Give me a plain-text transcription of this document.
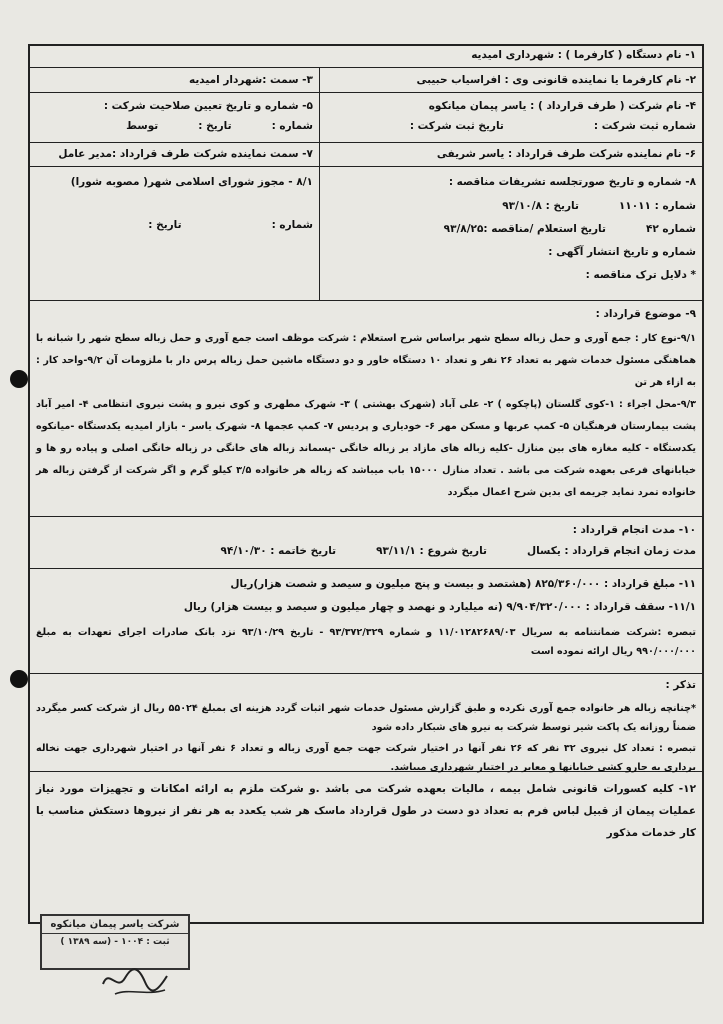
۱- نام دستگاه ( کارفرما ) : شهرداری امیدیه
۲- نام کارفرما یا نماینده قانونی وی : افراسیاب حبیبی
۳- سمت :شهردار امیدیه
۴- نام شرکت ( طرف قرارداد ) : یاسر پیمان میانکوه
شماره ثبت شرکت :تاریخ ثبت شرکت :
۵- شماره و تاریخ تعیین صلاحیت شرکت :
شماره :تاریخ :توسط
۶- نام نماینده شرکت طرف قرارداد : یاسر شریفی
۷- سمت نماینده شرکت طرف قرارداد :مدیر عامل
۸- شماره و تاریخ صورتجلسه تشریفات مناقصه :
شماره : ۱۱۰۱۱تاریخ : ۹۳/۱۰/۸
شماره ۴۲تاریخ استعلام /مناقصه :۹۳/۸/۲۵
شماره و تاریخ انتشار آگهی :
* دلایل ترک مناقصه :
۸/۱ - مجوز شورای اسلامی شهر( مصوبه شورا)
شماره :تاریخ :
۹- موضوع قرارداد :
۹/۱-نوع کار : جمع آوری و حمل زباله سطح شهر براساس شرح استعلام : شرکت موظف است جمع آوری و حمل زباله سطح شهر را شبانه با هماهنگی مسئول خدمات شهر به تعداد ۲۶ نفر و تعداد ۱۰ دستگاه خاور و دو دستگاه ماشین حمل زباله پرس دار با ملزومات آن ۹/۲-واحد کار : به ازاء هر تن
۹/۳-محل اجراء : ۱-کوی گلستان (پاچکوه ) ۲- علی آباد (شهرک بهشتی ) ۳- شهرک مطهری و کوی نیرو و پشت نیروی انتظامی ۴- امیر آباد پشت بیمارستان فرهنگیان ۵- کمپ عربها و مسکن مهر ۶- خودیاری و پردیس ۷- کمپ عجمها ۸- شهرک یاسر - بازار امیدیه یکدستگاه -میانکوه یکدستگاه - کلیه مغازه های بین منازل -کلیه زباله های مازاد بر زباله خانگی -پسماند زباله های خانگی در زباله خانگی اصلی و پیاده رو ها و خیابانهای فرعی بعهده شرکت می باشد . تعداد منازل ۱۵۰۰۰ باب میباشد که زباله هر خانواده ۳/۵ کیلو گرم و اگر شرکت از گرفتن زباله هر خانواده تمرد نماید جریمه ای بدین شرح اعمال میگردد
۱۰- مدت انجام قرارداد :
مدت زمان انجام قرارداد : یکسالتاریخ شروع : ۹۳/۱۱/۱تاریخ خاتمه : ۹۴/۱۰/۳۰
۱۱- مبلغ قرارداد : ۸۲۵/۳۶۰/۰۰۰ (هشتصد و بیست و پنج میلیون و سیصد و شصت هزار)ریال
۱۱/۱- سقف قرارداد : ۹/۹۰۴/۳۲۰/۰۰۰ (نه میلیارد و نهصد و چهار میلیون و سیصد و بیست هزار) ریال
تبصره :شرکت ضمانتنامه به سریال ۱۱/۰۱۲۸۲۶۸۹/۰۳ و شماره ۹۳/۳۷۲/۳۲۹ - تاریخ ۹۳/۱۰/۲۹ نزد بانک صادرات اجرای تعهدات به مبلغ ۹۹۰/۰۰۰/۰۰۰ ریال ارائه نموده است
تذکر :
*چنانچه زباله هر خانواده جمع آوری نکرده و طبق گزارش مسئول خدمات شهر اثبات گردد هزینه ای بمبلغ ۵۵۰۲۴ ریال از شرکت کسر میگردد ضمناً روزانه یک پاکت شیر توسط شرکت به نیرو های شبکار داده شود
تبصره : تعداد کل نیروی ۳۲ نفر که ۲۶ نفر آنها در اختیار شرکت جهت جمع آوری زباله و تعداد ۶ نفر آنها در اختیار شهرداری جهت نخاله برداری به جارو کشی خیابانها و معابر در اختیار شهرداری میباشد.
۱۲- کلیه کسورات قانونی شامل بیمه ، مالیات بعهده شرکت می باشد .و شرکت ملزم به ارائه امکانات و تجهیزات مورد نیاز عملیات پیمان از قبیل لباس فرم به تعداد دو دست در طول قرارداد ماسک هر شب یکعدد به هر نفر از نیروها دستکش مناسب با کار خدمات مذکور
شرکت یاسر پیمان میانکوه
ثبت : ۱۰۰۴ - (سه ۱۳۸۹ )
